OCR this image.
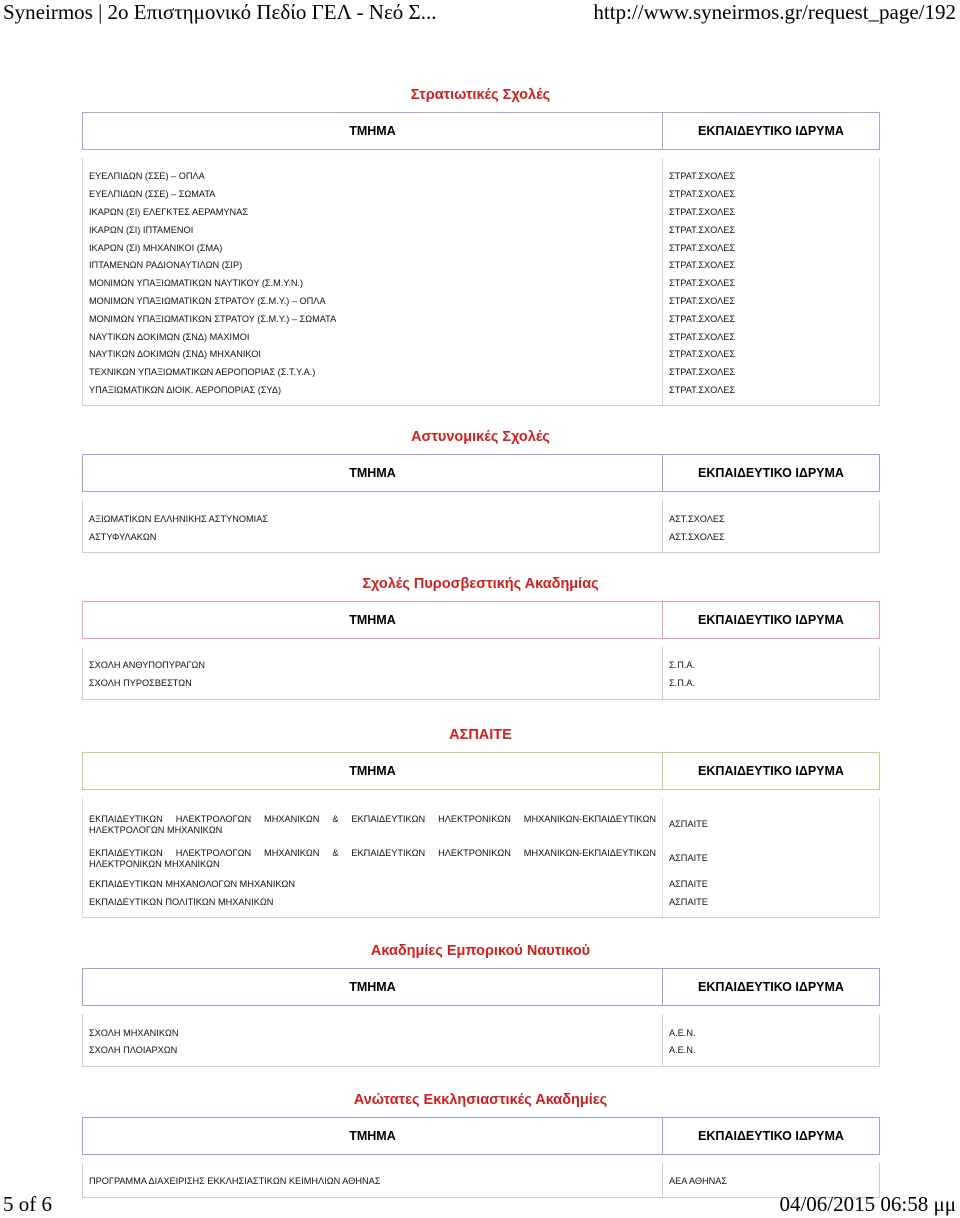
Syneirmos | 2ο Επιστημονικό Πεδίο ΓΕΛ - Νεό Σ...	http://www.syneirmos.gr/request_page/192
Στρατιωτικές Σχολές
ΤΜΗΜΑ	ΕΚΠΑΙΔΕΥΤΙΚΟ ΙΔΡΥΜΑ

ΕΥΕΛΠΙΔΩΝ (ΣΣΕ) – ΟΠΛΑ	ΣΤΡΑΤ.ΣΧΟΛΕΣ
ΕΥΕΛΠΙΔΩΝ (ΣΣΕ) – ΣΩΜΑΤΑ	ΣΤΡΑΤ.ΣΧΟΛΕΣ
ΙΚΑΡΩΝ (ΣΙ) ΕΛΕΓΚΤΕΣ ΑΕΡΑΜΥΝΑΣ	ΣΤΡΑΤ.ΣΧΟΛΕΣ
ΙΚΑΡΩΝ (ΣΙ) ΙΠΤΑΜΕΝΟΙ	ΣΤΡΑΤ.ΣΧΟΛΕΣ
ΙΚΑΡΩΝ (ΣΙ) ΜΗΧΑΝΙΚΟΙ (ΣΜΑ)	ΣΤΡΑΤ.ΣΧΟΛΕΣ
ΙΠΤΑΜΕΝΩΝ ΡΑΔΙΟΝΑΥΤΙΛΩΝ (ΣΙΡ)	ΣΤΡΑΤ.ΣΧΟΛΕΣ
ΜΟΝΙΜΩΝ ΥΠΑΞΙΩΜΑΤΙΚΩΝ ΝΑΥΤΙΚΟΥ (Σ.Μ.Υ.Ν.)	ΣΤΡΑΤ.ΣΧΟΛΕΣ
ΜΟΝΙΜΩΝ ΥΠΑΞΙΩΜΑΤΙΚΩΝ ΣΤΡΑΤΟΥ (Σ.Μ.Υ.) – ΟΠΛΑ	ΣΤΡΑΤ.ΣΧΟΛΕΣ
ΜΟΝΙΜΩΝ ΥΠΑΞΙΩΜΑΤΙΚΩΝ ΣΤΡΑΤΟΥ (Σ.Μ.Υ.) – ΣΩΜΑΤΑ	ΣΤΡΑΤ.ΣΧΟΛΕΣ
ΝΑΥΤΙΚΩΝ ΔΟΚΙΜΩΝ (ΣΝΔ) ΜΑΧΙΜΟΙ	ΣΤΡΑΤ.ΣΧΟΛΕΣ
ΝΑΥΤΙΚΩΝ ΔΟΚΙΜΩΝ (ΣΝΔ) ΜΗΧΑΝΙΚΟΙ	ΣΤΡΑΤ.ΣΧΟΛΕΣ
ΤΕΧΝΙΚΩΝ ΥΠΑΞΙΩΜΑΤΙΚΩΝ ΑΕΡΟΠΟΡΙΑΣ (Σ.Τ.Υ.Α.)	ΣΤΡΑΤ.ΣΧΟΛΕΣ
ΥΠΑΞΙΩΜΑΤΙΚΩΝ ΔΙΟΙΚ. ΑΕΡΟΠΟΡΙΑΣ (ΣΥΔ)	ΣΤΡΑΤ.ΣΧΟΛΕΣ
Αστυνομικές Σχολές
ΤΜΗΜΑ	ΕΚΠΑΙΔΕΥΤΙΚΟ ΙΔΡΥΜΑ

ΑΞΙΩΜΑΤΙΚΩΝ ΕΛΛΗΝΙΚΗΣ ΑΣΤΥΝΟΜΙΑΣ	ΑΣΤ.ΣΧΟΛΕΣ
ΑΣΤΥΦΥΛΑΚΩΝ	ΑΣΤ.ΣΧΟΛΕΣ
Σχολές Πυροσβεστικής Ακαδημίας
ΤΜΗΜΑ	ΕΚΠΑΙΔΕΥΤΙΚΟ ΙΔΡΥΜΑ

ΣΧΟΛΗ ΑΝΘΥΠΟΠΥΡΑΓΩΝ	Σ.Π.Α.
ΣΧΟΛΗ ΠΥΡΟΣΒΕΣΤΩΝ	Σ.Π.Α.
ΑΣΠΑΙΤΕ
ΤΜΗΜΑ	ΕΚΠΑΙΔΕΥΤΙΚΟ ΙΔΡΥΜΑ

ΕΚΠΑΙΔΕΥΤΙΚΩΝ ΗΛΕΚΤΡΟΛΟΓΩΝ ΜΗΧΑΝΙΚΩΝ & ΕΚΠΑΙΔΕΥΤΙΚΩΝ ΗΛΕΚΤΡΟΝΙΚΩΝ ΜΗΧΑΝΙΚΩΝ-ΕΚΠΑΙΔΕΥΤΙΚΩΝ ΗΛΕΚΤΡΟΛΟΓΩΝ ΜΗΧΑΝΙΚΩΝ	ΑΣΠΑΙΤΕ
ΕΚΠΑΙΔΕΥΤΙΚΩΝ ΗΛΕΚΤΡΟΛΟΓΩΝ ΜΗΧΑΝΙΚΩΝ & ΕΚΠΑΙΔΕΥΤΙΚΩΝ ΗΛΕΚΤΡΟΝΙΚΩΝ ΜΗΧΑΝΙΚΩΝ-ΕΚΠΑΙΔΕΥΤΙΚΩΝ ΗΛΕΚΤΡΟΝΙΚΩΝ ΜΗΧΑΝΙΚΩΝ	ΑΣΠΑΙΤΕ
ΕΚΠΑΙΔΕΥΤΙΚΩΝ ΜΗΧΑΝΟΛΟΓΩΝ ΜΗΧΑΝΙΚΩΝ	ΑΣΠΑΙΤΕ
ΕΚΠΑΙΔΕΥΤΙΚΩΝ ΠΟΛΙΤΙΚΩΝ ΜΗΧΑΝΙΚΩΝ	ΑΣΠΑΙΤΕ
Ακαδημίες Εμπορικού Ναυτικού
ΤΜΗΜΑ	ΕΚΠΑΙΔΕΥΤΙΚΟ ΙΔΡΥΜΑ

ΣΧΟΛΗ ΜΗΧΑΝΙΚΩΝ	Α.Ε.Ν.
ΣΧΟΛΗ ΠΛΟΙΑΡΧΩΝ	Α.Ε.Ν.
Ανώτατες Εκκλησιαστικές Ακαδημίες
ΤΜΗΜΑ	ΕΚΠΑΙΔΕΥΤΙΚΟ ΙΔΡΥΜΑ

ΠΡΟΓΡΑΜΜΑ ΔΙΑΧΕΙΡΙΣΗΣ ΕΚΚΛΗΣΙΑΣΤΙΚΩΝ ΚΕΙΜΗΛΙΩΝ ΑΘΗΝΑΣ	ΑΕΑ ΑΘΗΝΑΣ
5 of 6	04/06/2015 06:58 μμ
